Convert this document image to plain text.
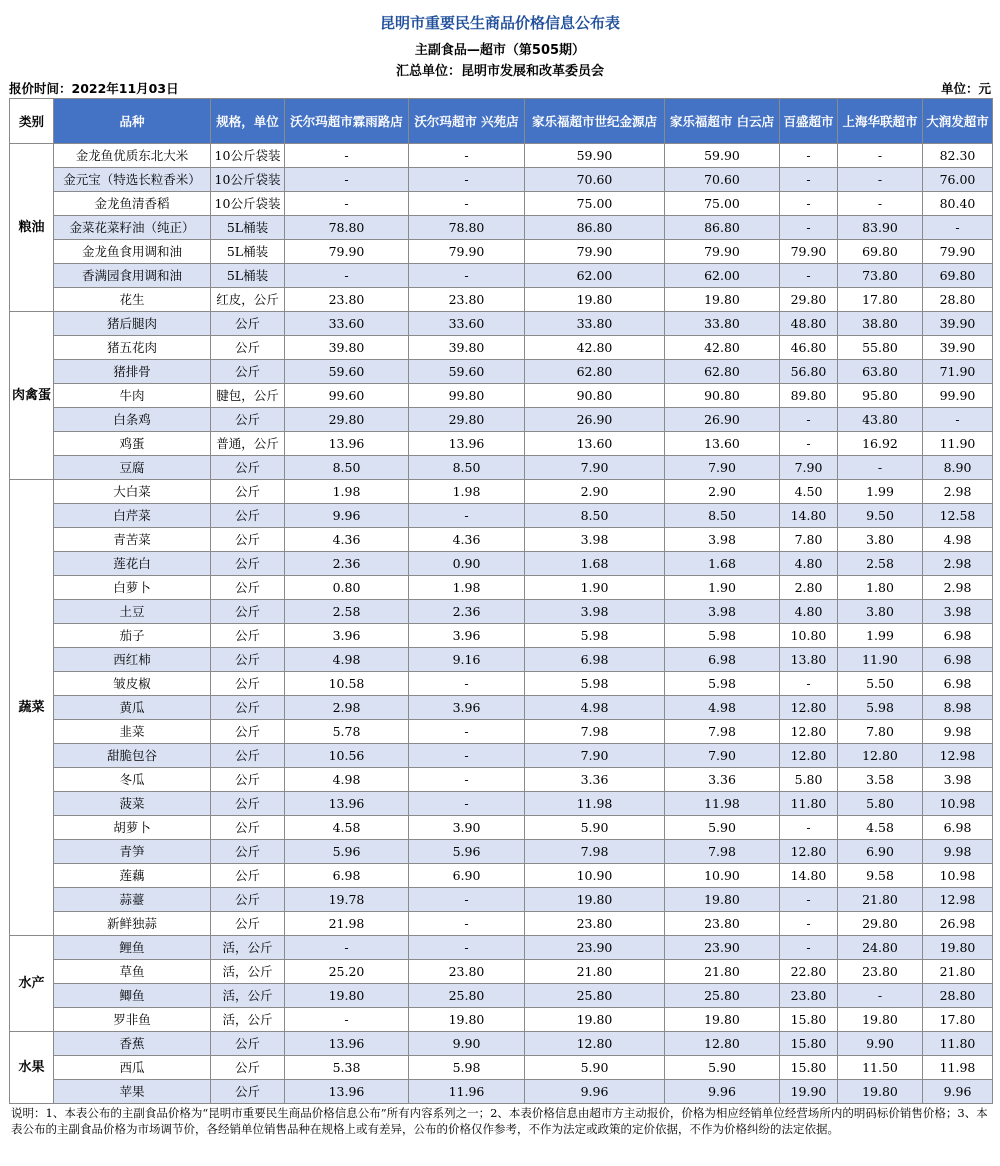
昆明市重要民生商品价格信息公布表
主副食品—超市（第505期）
汇总单位：昆明市发展和改革委员会
报价时间：2022年11月03日	单位：元
类别	品种	规格，单位	沃尔玛超市霖雨路店	沃尔玛超市 兴苑店	家乐福超市世纪金源店	家乐福超市 白云店	百盛超市	上海华联超市	大润发超市
粮油	金龙鱼优质东北大米	10公斤袋装	-	-	59.90	59.90	-	-	82.30
	金元宝（特选长粒香米）	10公斤袋装	-	-	70.60	70.60	-	-	76.00
	金龙鱼清香稻	10公斤袋装	-	-	75.00	75.00	-	-	80.40
	金菜花菜籽油（纯正）	5L桶装	78.80	78.80	86.80	86.80	-	83.90	-
	金龙鱼食用调和油	5L桶装	79.90	79.90	79.90	79.90	79.90	69.80	79.90
	香满园食用调和油	5L桶装	-	-	62.00	62.00	-	73.80	69.80
	花生	红皮，公斤	23.80	23.80	19.80	19.80	29.80	17.80	28.80
肉禽蛋	猪后腿肉	公斤	33.60	33.60	33.80	33.80	48.80	38.80	39.90
	猪五花肉	公斤	39.80	39.80	42.80	42.80	46.80	55.80	39.90
	猪排骨	公斤	59.60	59.60	62.80	62.80	56.80	63.80	71.90
	牛肉	腱包，公斤	99.60	99.80	90.80	90.80	89.80	95.80	99.90
	白条鸡	公斤	29.80	29.80	26.90	26.90	-	43.80	-
	鸡蛋	普通，公斤	13.96	13.96	13.60	13.60	-	16.92	11.90
	豆腐	公斤	8.50	8.50	7.90	7.90	7.90	-	8.90
蔬菜	大白菜	公斤	1.98	1.98	2.90	2.90	4.50	1.99	2.98
	白芹菜	公斤	9.96	-	8.50	8.50	14.80	9.50	12.58
	青苦菜	公斤	4.36	4.36	3.98	3.98	7.80	3.80	4.98
	莲花白	公斤	2.36	0.90	1.68	1.68	4.80	2.58	2.98
	白萝卜	公斤	0.80	1.98	1.90	1.90	2.80	1.80	2.98
	土豆	公斤	2.58	2.36	3.98	3.98	4.80	3.80	3.98
	茄子	公斤	3.96	3.96	5.98	5.98	10.80	1.99	6.98
	西红柿	公斤	4.98	9.16	6.98	6.98	13.80	11.90	6.98
	皱皮椒	公斤	10.58	-	5.98	5.98	-	5.50	6.98
	黄瓜	公斤	2.98	3.96	4.98	4.98	12.80	5.98	8.98
	韭菜	公斤	5.78	-	7.98	7.98	12.80	7.80	9.98
	甜脆包谷	公斤	10.56	-	7.90	7.90	12.80	12.80	12.98
	冬瓜	公斤	4.98	-	3.36	3.36	5.80	3.58	3.98
	菠菜	公斤	13.96	-	11.98	11.98	11.80	5.80	10.98
	胡萝卜	公斤	4.58	3.90	5.90	5.90	-	4.58	6.98
	青笋	公斤	5.96	5.96	7.98	7.98	12.80	6.90	9.98
	莲藕	公斤	6.98	6.90	10.90	10.90	14.80	9.58	10.98
	蒜薹	公斤	19.78	-	19.80	19.80	-	21.80	12.98
	新鲜独蒜	公斤	21.98	-	23.80	23.80	-	29.80	26.98
水产	鲤鱼	活，公斤	-	-	23.90	23.90	-	24.80	19.80
	草鱼	活，公斤	25.20	23.80	21.80	21.80	22.80	23.80	21.80
	鲫鱼	活，公斤	19.80	25.80	25.80	25.80	23.80	-	28.80
	罗非鱼	活，公斤	-	19.80	19.80	19.80	15.80	19.80	17.80
水果	香蕉	公斤	13.96	9.90	12.80	12.80	15.80	9.90	11.80
	西瓜	公斤	5.38	5.98	5.90	5.90	15.80	11.50	11.98
	苹果	公斤	13.96	11.96	9.96	9.96	19.90	19.80	9.96
说明：1、本表公布的主副食品价格为“昆明市重要民生商品价格信息公布”所有内容系列之一；2、本表价格信息由超市方主动报价，价格为相应经销单位经营场所内的明码标价销售价格；3、本表公布的主副食品价格为市场调节价，各经销单位销售品种在规格上或有差异，公布的价格仅作参考，不作为法定或政策的定价依据，不作为价格纠纷的法定依据。
